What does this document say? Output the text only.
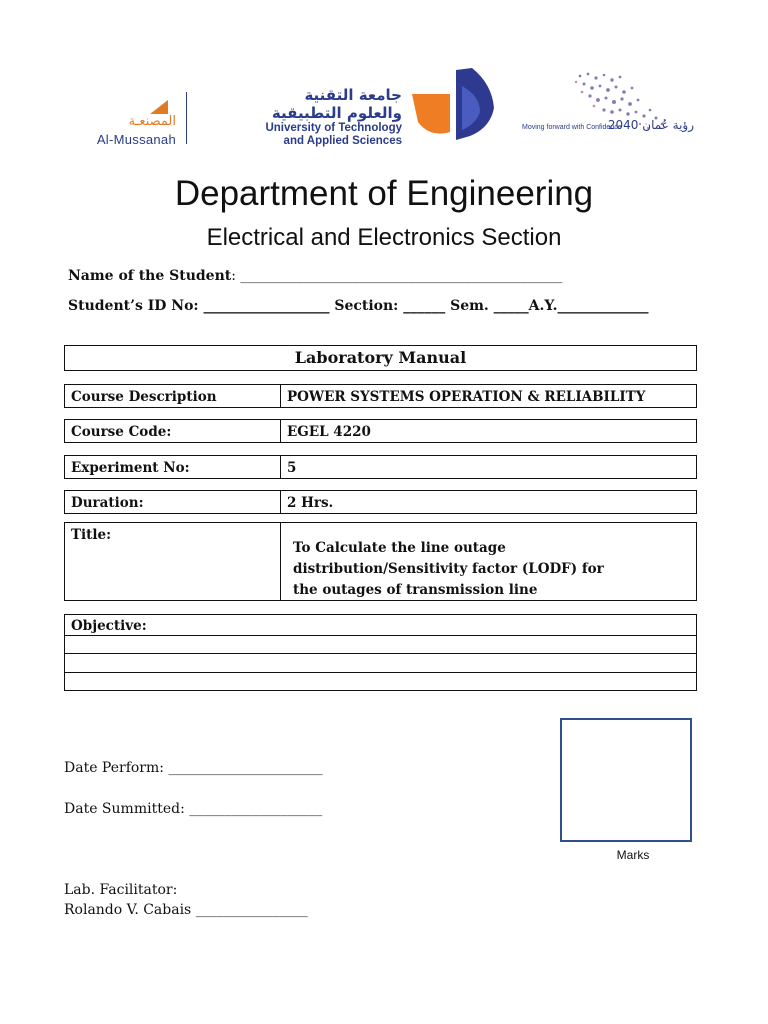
المصنعـة
Al-Mussanah
جامعة التقنية
والعلوم التطبيقية
University of Technology
and Applied Sciences
Moving forward with Confidence
رؤية عُمان 2040
Department of Engineering
Electrical and Electronics Section
Name of the Student: ______________________________________________
Student’s ID No: __________________ Section: ______ Sem. _____A.Y._____________
Laboratory Manual
Course Description	POWER SYSTEMS OPERATION & RELIABILITY
Course Code:	EGEL 4220
Experiment No:	5
Duration:	2 Hrs.
Title:
To Calculate the line outage
distribution/Sensitivity factor (LODF) for
the outages of transmission line
Objective:
Date Perform: ______________________
Date Summitted: ___________________
Lab. Facilitator:
Rolando V. Cabais ________________
Marks
